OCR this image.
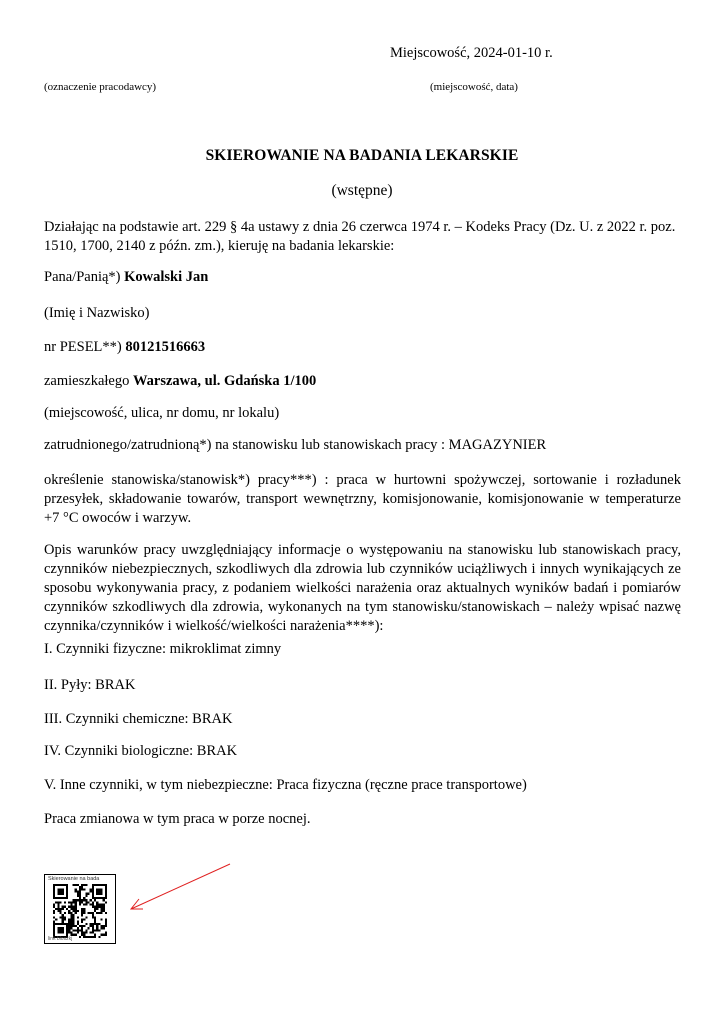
Miejscowość, 2024-01-10 r.
(oznaczenie pracodawcy)	(miejscowość, data)
SKIEROWANIE NA BADANIA LEKARSKIE
(wstępne)
Działając na podstawie art. 229 § 4a ustawy z dnia 26 czerwca 1974 r. – Kodeks Pracy (Dz. U. z 2022 r. poz. 1510, 1700, 2140 z późn. zm.), kieruję na badania lekarskie:
Pana/Panią*) Kowalski Jan
(Imię i Nazwisko)
nr PESEL**) 80121516663
zamieszkałego Warszawa, ul. Gdańska 1/100
(miejscowość, ulica, nr domu, nr lokalu)
zatrudnionego/zatrudnioną*) na stanowisku lub stanowiskach pracy : MAGAZYNIER
określenie stanowiska/stanowisk*) pracy***) : praca w hurtowni spożywczej, sortowanie i rozładunek przesyłek, składowanie towarów, transport wewnętrzny, komisjonowanie, komisjonowanie w temperaturze +7 °C owoców i warzyw.
Opis warunków pracy uwzględniający informacje o występowaniu na stanowisku lub stanowiskach pracy, czynników niebezpiecznych, szkodliwych dla zdrowia lub czynników uciążliwych i innych wynikających ze sposobu wykonywania pracy, z podaniem wielkości narażenia oraz aktualnych wyników badań i pomiarów czynników szkodliwych dla zdrowia, wykonanych na tym stanowisku/stanowiskach – należy wpisać nazwę czynnika/czynników i wielkość/wielkości narażenia****):
I. Czynniki fizyczne: mikroklimat zimny
II. Pyły: BRAK
III. Czynniki chemiczne: BRAK
IV. Czynniki biologiczne: BRAK
V. Inne czynniki, w tym niebezpieczne: Praca fizyczna (ręczne prace transportowe)
Praca zmianowa w tym praca w porze nocnej.
Skierowanie na bada
link bloszkj
